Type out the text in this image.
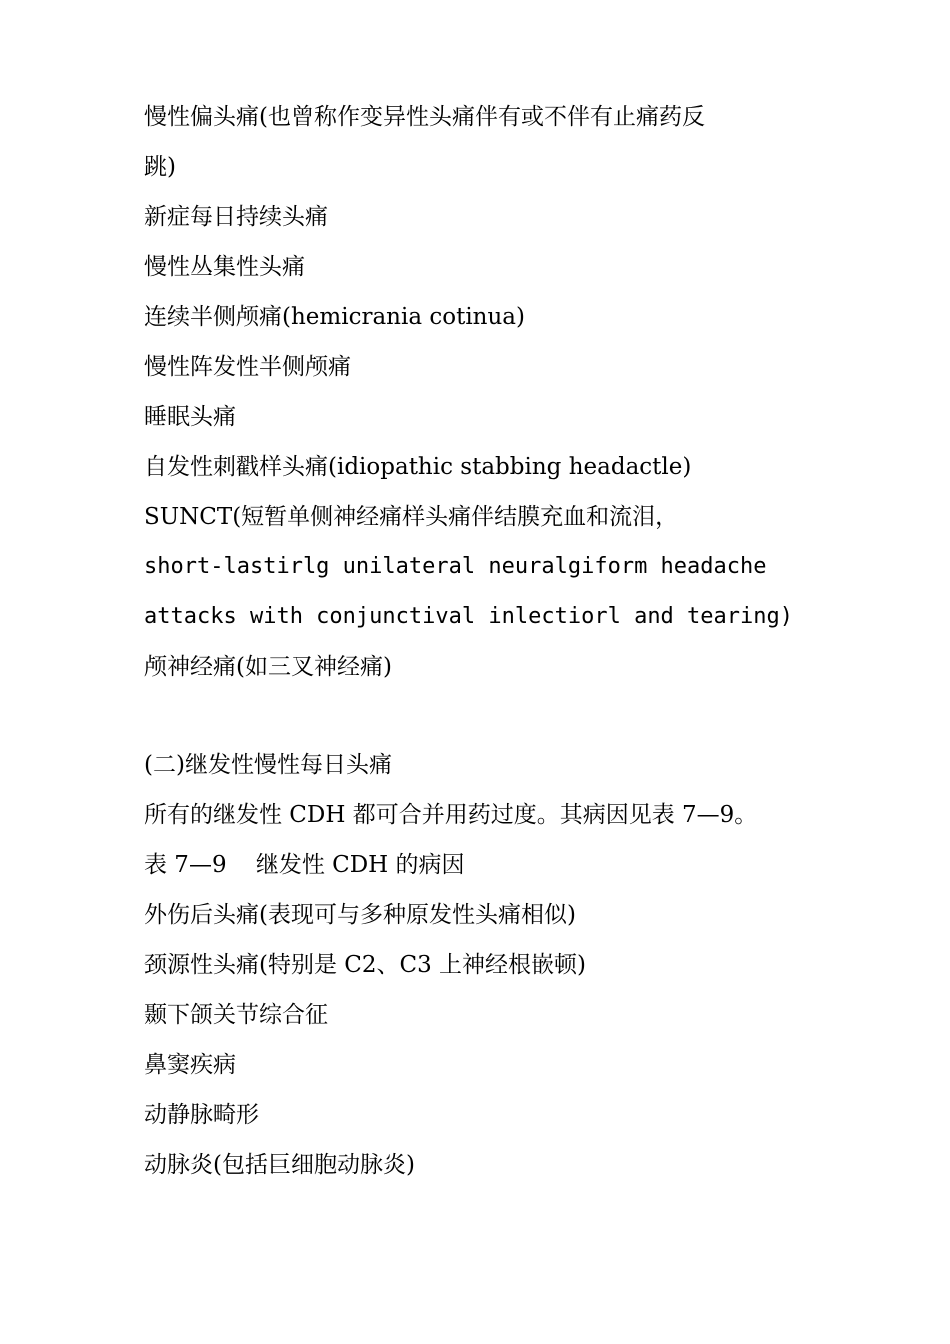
慢性偏头痛(也曾称作变异性头痛伴有或不伴有止痛药反
跳)
新症每日持续头痛
慢性丛集性头痛
连续半侧颅痛(hemicrania cotinua)
慢性阵发性半侧颅痛
睡眠头痛
自发性刺戳样头痛(idiopathic stabbing headactle)
SUNCT(短暂单侧神经痛样头痛伴结膜充血和流泪，
short-lastirlg unilateral neuralgiform headache
attacks with conjunctival inlectiorl and tearing)
颅神经痛(如三叉神经痛)
(二)继发性慢性每日头痛
所有的继发性 CDH 都可合并用药过度。其病因见表 7—9。
表 7—9    继发性 CDH 的病因
外伤后头痛(表现可与多种原发性头痛相似)
颈源性头痛(特别是 C2、C3 上神经根嵌顿)
颞下颌关节综合征
鼻窦疾病
动静脉畸形
动脉炎(包括巨细胞动脉炎)
